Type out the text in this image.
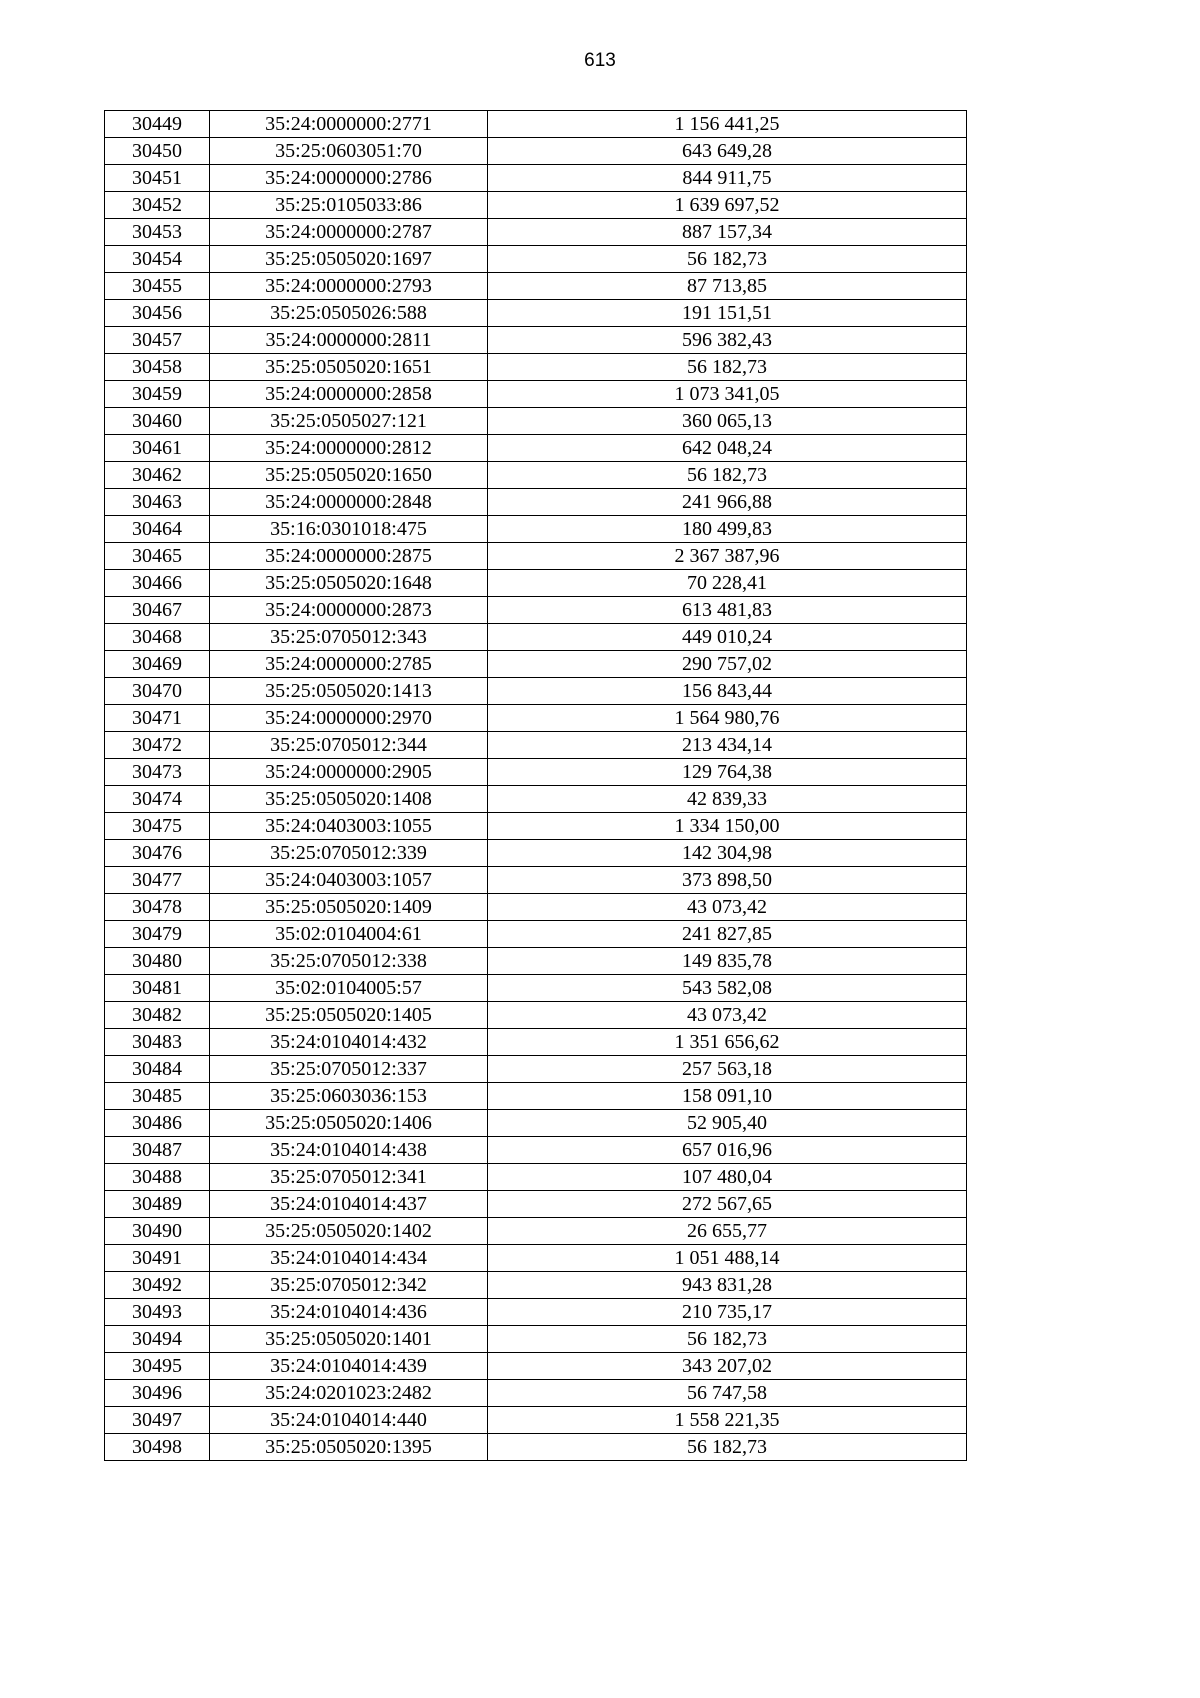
613
30449	35:24:0000000:2771	1 156 441,25
30450	35:25:0603051:70	643 649,28
30451	35:24:0000000:2786	844 911,75
30452	35:25:0105033:86	1 639 697,52
30453	35:24:0000000:2787	887 157,34
30454	35:25:0505020:1697	56 182,73
30455	35:24:0000000:2793	87 713,85
30456	35:25:0505026:588	191 151,51
30457	35:24:0000000:2811	596 382,43
30458	35:25:0505020:1651	56 182,73
30459	35:24:0000000:2858	1 073 341,05
30460	35:25:0505027:121	360 065,13
30461	35:24:0000000:2812	642 048,24
30462	35:25:0505020:1650	56 182,73
30463	35:24:0000000:2848	241 966,88
30464	35:16:0301018:475	180 499,83
30465	35:24:0000000:2875	2 367 387,96
30466	35:25:0505020:1648	70 228,41
30467	35:24:0000000:2873	613 481,83
30468	35:25:0705012:343	449 010,24
30469	35:24:0000000:2785	290 757,02
30470	35:25:0505020:1413	156 843,44
30471	35:24:0000000:2970	1 564 980,76
30472	35:25:0705012:344	213 434,14
30473	35:24:0000000:2905	129 764,38
30474	35:25:0505020:1408	42 839,33
30475	35:24:0403003:1055	1 334 150,00
30476	35:25:0705012:339	142 304,98
30477	35:24:0403003:1057	373 898,50
30478	35:25:0505020:1409	43 073,42
30479	35:02:0104004:61	241 827,85
30480	35:25:0705012:338	149 835,78
30481	35:02:0104005:57	543 582,08
30482	35:25:0505020:1405	43 073,42
30483	35:24:0104014:432	1 351 656,62
30484	35:25:0705012:337	257 563,18
30485	35:25:0603036:153	158 091,10
30486	35:25:0505020:1406	52 905,40
30487	35:24:0104014:438	657 016,96
30488	35:25:0705012:341	107 480,04
30489	35:24:0104014:437	272 567,65
30490	35:25:0505020:1402	26 655,77
30491	35:24:0104014:434	1 051 488,14
30492	35:25:0705012:342	943 831,28
30493	35:24:0104014:436	210 735,17
30494	35:25:0505020:1401	56 182,73
30495	35:24:0104014:439	343 207,02
30496	35:24:0201023:2482	56 747,58
30497	35:24:0104014:440	1 558 221,35
30498	35:25:0505020:1395	56 182,73
